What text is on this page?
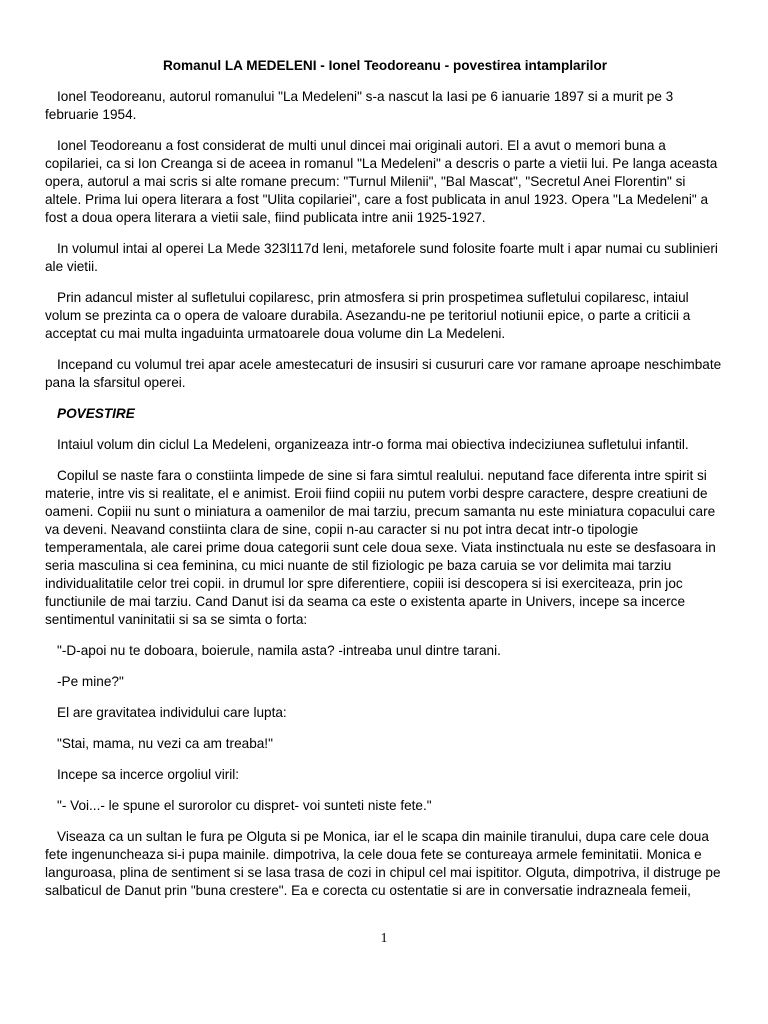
Romanul LA MEDELENI - Ionel Teodoreanu - povestirea intamplarilor

Ionel Teodoreanu, autorul romanului "La Medeleni" s-a nascut la Iasi pe 6 ianuarie 1897 si a murit pe 3 februarie 1954.

Ionel Teodoreanu a fost considerat de multi unul dincei mai originali autori. El a avut o memori buna a copilariei, ca si Ion Creanga si de aceea in romanul "La Medeleni" a descris o parte a vietii lui. Pe langa aceasta opera, autorul a mai scris si alte romane precum: "Turnul Milenii", "Bal Mascat", "Secretul Anei Florentin" si altele. Prima lui opera literara a fost "Ulita copilariei", care a fost publicata in anul 1923. Opera "La Medeleni" a fost a doua opera literara a vietii sale, fiind publicata intre anii 1925-1927.

In volumul intai al operei La Mede 323l117d leni, metaforele sund folosite foarte mult i apar numai cu sublinieri ale vietii.

Prin adancul mister al sufletului copilaresc, prin atmosfera si prin prospetimea sufletului copilaresc, intaiul volum se prezinta ca o opera de valoare durabila. Asezandu-ne pe teritoriul notiunii epice, o parte a criticii a acceptat cu mai multa ingaduinta urmatoarele doua volume din La Medeleni.

Incepand cu volumul trei apar acele amestecaturi de insusiri si cusururi care vor ramane aproape neschimbate pana la sfarsitul operei.

POVESTIRE

Intaiul volum din ciclul La Medeleni, organizeaza intr-o forma mai obiectiva indeciziunea sufletului infantil.

Copilul se naste fara o constiinta limpede de sine si fara simtul realului. neputand face diferenta intre spirit si materie, intre vis si realitate, el e animist. Eroii fiind copiii nu putem vorbi despre caractere, despre creatiuni de oameni. Copiii nu sunt o miniatura a oamenilor de mai tarziu, precum samanta nu este miniatura copacului care va deveni. Neavand constiinta clara de sine, copii n-au caracter si nu pot intra decat intr-o tipologie temperamentala, ale carei prime doua categorii sunt cele doua sexe. Viata instinctuala nu este se desfasoara in seria masculina si cea feminina, cu mici nuante de stil fiziologic pe baza caruia se vor delimita mai tarziu individualitatile celor trei copii. in drumul lor spre diferentiere, copiii isi descopera si isi exerciteaza, prin joc functiunile de mai tarziu. Cand Danut isi da seama ca este o existenta aparte in Univers, incepe sa incerce sentimentul vaninitatii si sa se simta o forta:

"-D-apoi nu te doboara, boierule, namila asta? -intreaba unul dintre tarani.

-Pe mine?"

El are gravitatea individului care lupta:

"Stai, mama, nu vezi ca am treaba!"

Incepe sa incerce orgoliul viril:

"- Voi...- le spune el surorolor cu dispret- voi sunteti niste fete."

Viseaza ca un sultan le fura pe Olguta si pe Monica, iar el le scapa din mainile tiranului, dupa care cele doua fete ingenuncheaza si-i pupa mainile. dimpotriva, la cele doua fete se contureaya armele feminitatii. Monica e languroasa, plina de sentiment si se lasa trasa de cozi in chipul cel mai ispititor. Olguta, dimpotriva, il distruge pe salbaticul de Danut prin "buna crestere". Ea e corecta cu ostentatie si are in conversatie indrazneala femeii,

1
